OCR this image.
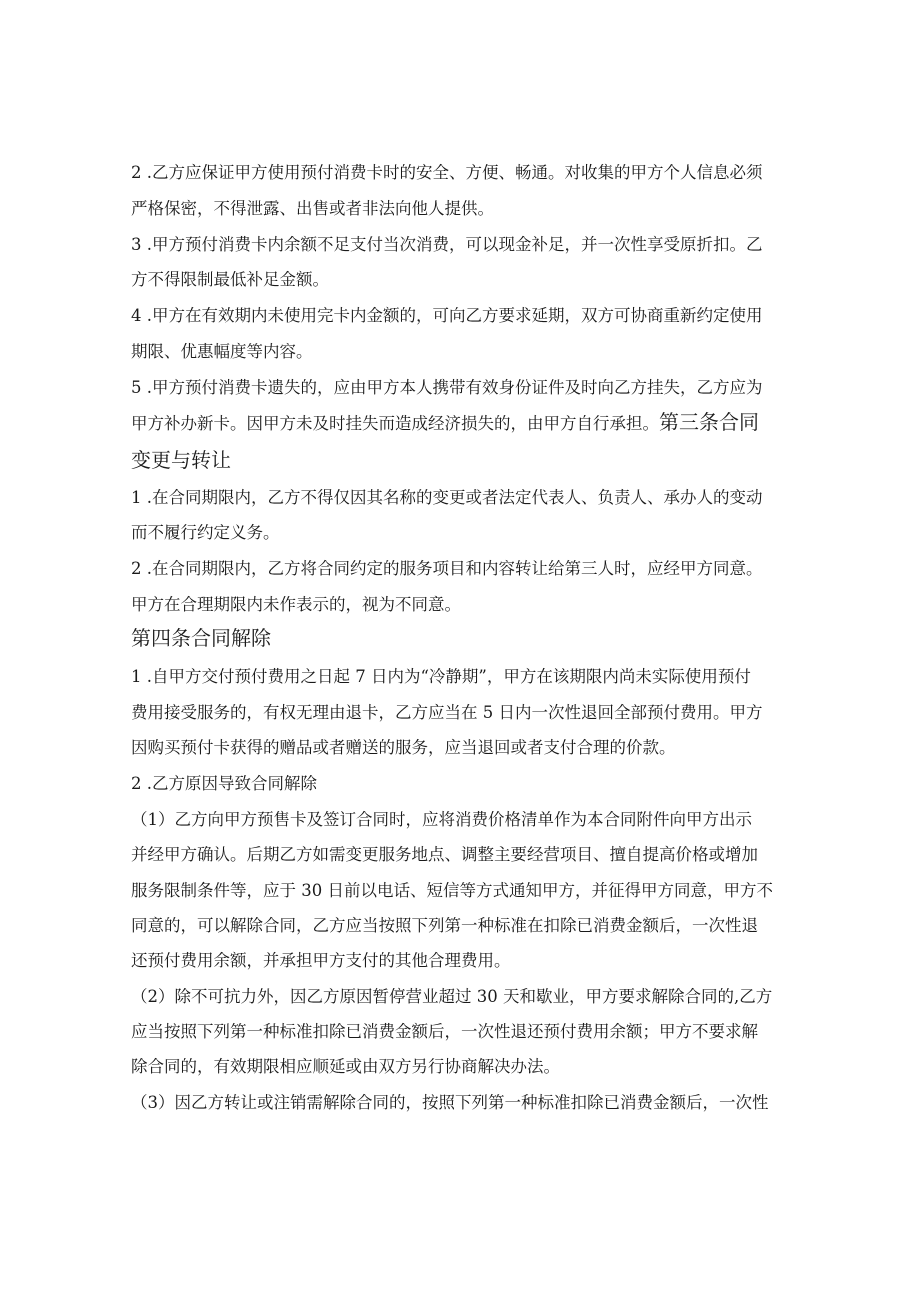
2 .乙方应保证甲方使用预付消费卡时的安全、方便、畅通。对收集的甲方个人信息必须
严格保密，不得泄露、出售或者非法向他人提供。
3 .甲方预付消费卡内余额不足支付当次消费，可以现金补足，并一次性享受原折扣。乙
方不得限制最低补足金额。
4 .甲方在有效期内未使用完卡内金额的，可向乙方要求延期，双方可协商重新约定使用
期限、优惠幅度等内容。
5 .甲方预付消费卡遗失的，应由甲方本人携带有效身份证件及时向乙方挂失，乙方应为
甲方补办新卡。因甲方未及时挂失而造成经济损失的，由甲方自行承担。第三条合同
变更与转让
1 .在合同期限内，乙方不得仅因其名称的变更或者法定代表人、负责人、承办人的变动
而不履行约定义务。
2 .在合同期限内，乙方将合同约定的服务项目和内容转让给第三人时，应经甲方同意。
甲方在合理期限内未作表示的，视为不同意。
第四条合同解除
1 .自甲方交付预付费用之日起 7 日内为“冷静期”，甲方在该期限内尚未实际使用预付
费用接受服务的，有权无理由退卡，乙方应当在 5 日内一次性退回全部预付费用。甲方
因购买预付卡获得的赠品或者赠送的服务，应当退回或者支付合理的价款。
2 .乙方原因导致合同解除
（1）乙方向甲方预售卡及签订合同时，应将消费价格清单作为本合同附件向甲方出示
并经甲方确认。后期乙方如需变更服务地点、调整主要经营项目、擅自提高价格或增加
服务限制条件等，应于 30 日前以电话、短信等方式通知甲方，并征得甲方同意，甲方不
同意的，可以解除合同，乙方应当按照下列第一种标准在扣除已消费金额后，一次性退
还预付费用余额，并承担甲方支付的其他合理费用。
（2）除不可抗力外，因乙方原因暂停营业超过 30 天和歇业，甲方要求解除合同的,乙方
应当按照下列第一种标准扣除已消费金额后，一次性退还预付费用余额；甲方不要求解
除合同的，有效期限相应顺延或由双方另行协商解决办法。
（3）因乙方转让或注销需解除合同的，按照下列第一种标准扣除已消费金额后，一次性
